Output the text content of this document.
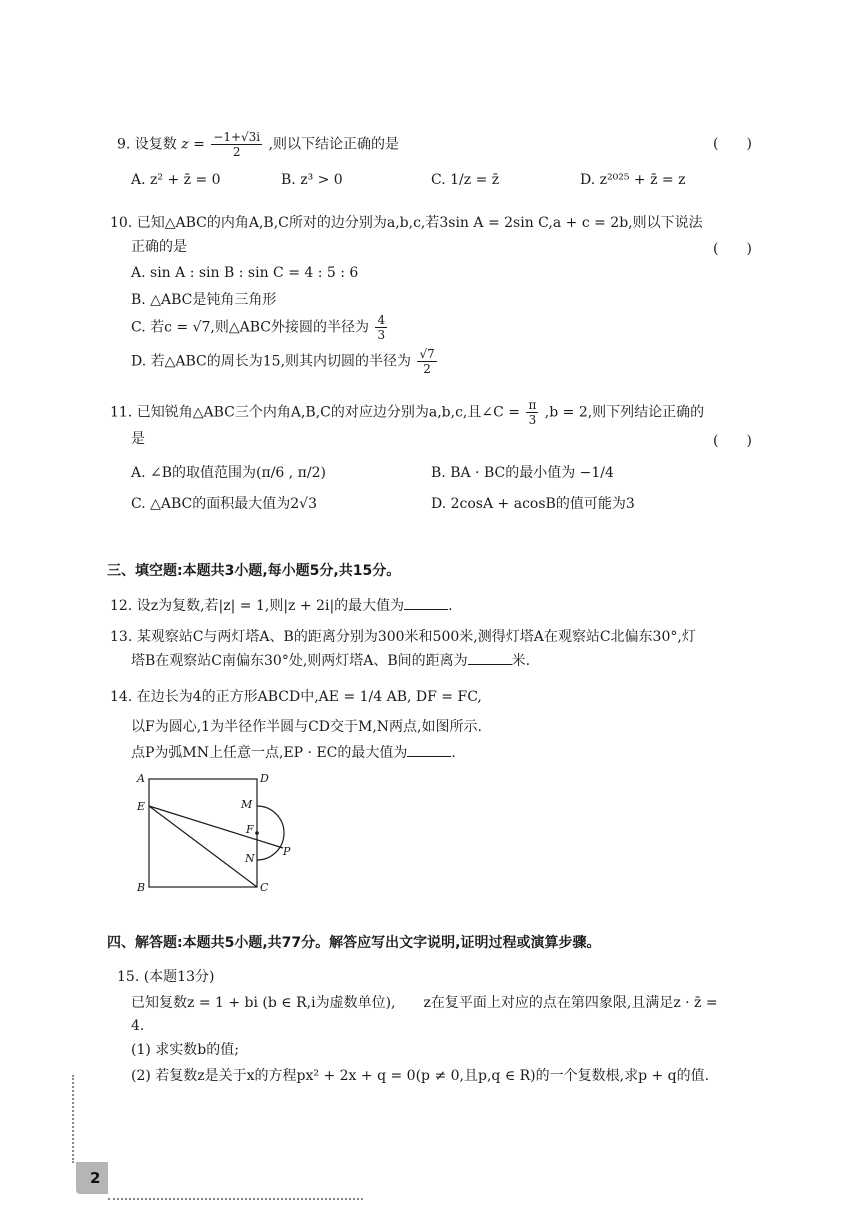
9. 设复数 $z = \frac{-1+√3i}{2}$ ,则以下结论正确的是	(　　)
A. z² + z̄ = 0	B. z³ > 0	C. 1/z = z̄	D. z²⁰²⁵ + z̄ = z
10. 已知△ABC的内角A,B,C所对的边分别为a,b,c,若3sin A = 2sin C,a + c = 2b,则以下说法
正确的是	(　　)
A. sin A : sin B : sin C = 4 : 5 : 6
B. △ABC是钝角三角形
C. 若c = √7,则△ABC外接圆的半径为 $\frac{4}{3}$
D. 若△ABC的周长为15,则其内切圆的半径为 $\frac{√7}{2}$
11. 已知锐角△ABC三个内角A,B,C的对应边分别为a,b,c,且∠C = $\frac{\pi}{3} ,b = 2$,则下列结论正确的
是	(　　)
A. ∠B的取值范围为(π/6 , π/2)	B. BA · BC的最小值为 −1/4
C. △ABC的面积最大值为2√3	D. 2cosA + acosB的值可能为3
三、填空题:本题共3小题,每小题5分,共15分。
12. 设z为复数,若|z| = 1,则|z + 2i|的最大值为	.
13. 某观察站C与两灯塔A、B的距离分别为300米和500米,测得灯塔A在观察站C北偏东30°,灯
塔B在观察站C南偏东30°处,则两灯塔A、B间的距离为	米.
14. 在边长为4的正方形ABCD中,AE = 1/4 AB, DF = FC,
以F为圆心,1为半径作半圆与CD交于M,N两点,如图所示.
点P为弧MN上任意一点,EP · EC的最大值为	.
A	D
E	M
F
P
N
B	C
四、解答题:本题共5小题,共77分。解答应写出文字说明,证明过程或演算步骤。
15. (本题13分)
已知复数z = 1 + bi (b ∈ R,i为虚数单位),　　z在复平面上对应的点在第四象限,且满足z · z̄ =
4.
(1) 求实数b的值;
(2) 若复数z是关于x的方程px² + 2x + q = 0(p ≠ 0,且p,q ∈ R)的一个复数根,求p + q的值.
2
